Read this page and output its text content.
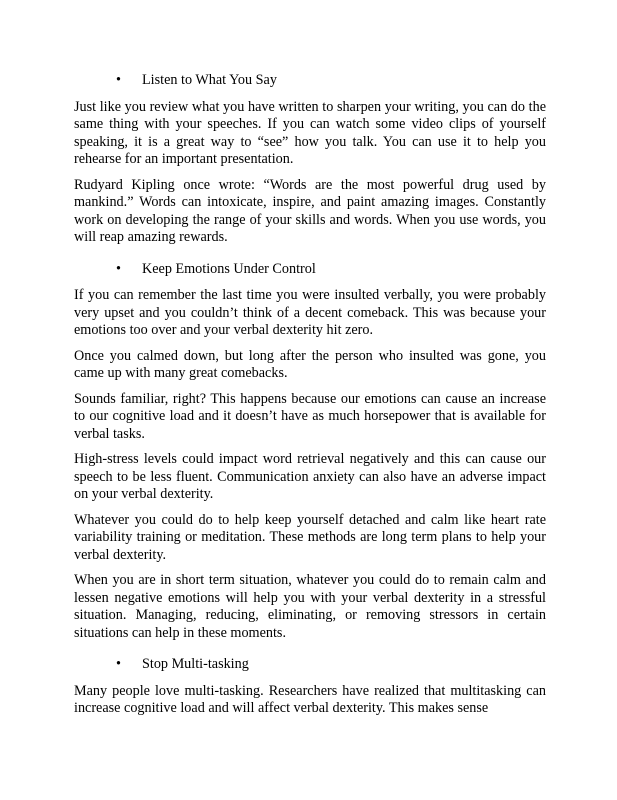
• Listen to What You Say

Just like you review what you have written to sharpen your writing, you can do the same thing with your speeches. If you can watch some video clips of yourself speaking, it is a great way to “see” how you talk. You can use it to help you rehearse for an important presentation.

Rudyard Kipling once wrote: “Words are the most powerful drug used by mankind.” Words can intoxicate, inspire, and paint amazing images. Constantly work on developing the range of your skills and words. When you use words, you will reap amazing rewards.

• Keep Emotions Under Control

If you can remember the last time you were insulted verbally, you were probably very upset and you couldn’t think of a decent comeback. This was because your emotions too over and your verbal dexterity hit zero.

Once you calmed down, but long after the person who insulted was gone, you came up with many great comebacks.

Sounds familiar, right? This happens because our emotions can cause an increase to our cognitive load and it doesn’t have as much horsepower that is available for verbal tasks.

High-stress levels could impact word retrieval negatively and this can cause our speech to be less fluent. Communication anxiety can also have an adverse impact on your verbal dexterity.

Whatever you could do to help keep yourself detached and calm like heart rate variability training or meditation. These methods are long term plans to help your verbal dexterity.

When you are in short term situation, whatever you could do to remain calm and lessen negative emotions will help you with your verbal dexterity in a stressful situation. Managing, reducing, eliminating, or removing stressors in certain situations can help in these moments.

• Stop Multi-tasking

Many people love multi-tasking. Researchers have realized that multitasking can increase cognitive load and will affect verbal dexterity. This makes sense
